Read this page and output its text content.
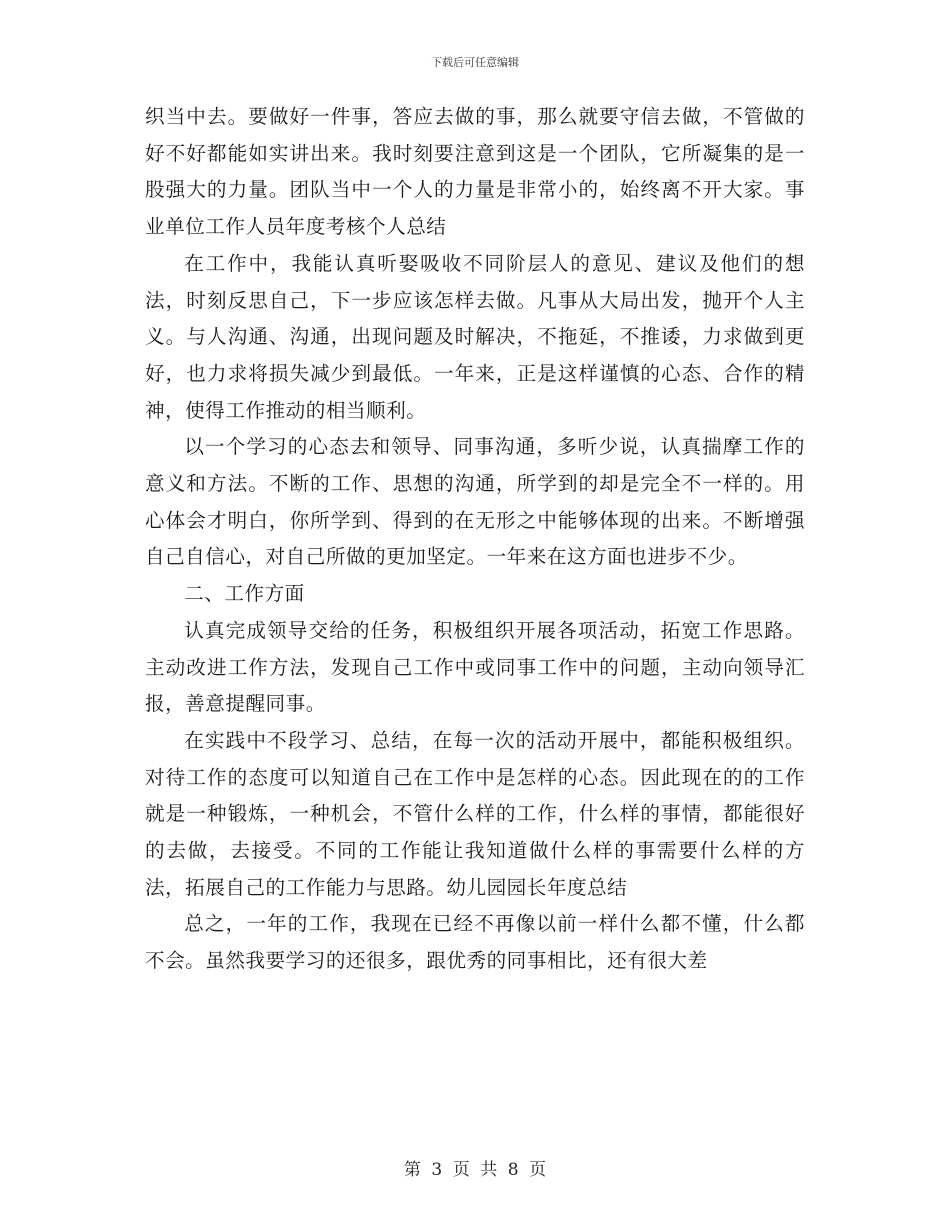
下载后可任意编辑

织当中去。要做好一件事，答应去做的事，那么就要守信去做，不管做的好不好都能如实讲出来。我时刻要注意到这是一个团队，它所凝集的是一股强大的力量。团队当中一个人的力量是非常小的，始终离不开大家。事业单位工作人员年度考核个人总结

在工作中，我能认真听娶吸收不同阶层人的意见、建议及他们的想法，时刻反思自己，下一步应该怎样去做。凡事从大局出发，抛开个人主义。与人沟通、沟通，出现问题及时解决，不拖延，不推诿，力求做到更好，也力求将损失减少到最低。一年来，正是这样谨慎的心态、合作的精神，使得工作推动的相当顺利。

以一个学习的心态去和领导、同事沟通，多听少说，认真揣摩工作的意义和方法。不断的工作、思想的沟通，所学到的却是完全不一样的。用心体会才明白，你所学到、得到的在无形之中能够体现的出来。不断增强自己自信心，对自己所做的更加坚定。一年来在这方面也进步不少。

二、工作方面

认真完成领导交给的任务，积极组织开展各项活动，拓宽工作思路。主动改进工作方法，发现自己工作中或同事工作中的问题，主动向领导汇报，善意提醒同事。

在实践中不段学习、总结，在每一次的活动开展中，都能积极组织。对待工作的态度可以知道自己在工作中是怎样的心态。因此现在的的工作就是一种锻炼，一种机会，不管什么样的工作，什么样的事情，都能很好的去做，去接受。不同的工作能让我知道做什么样的事需要什么样的方法，拓展自己的工作能力与思路。幼儿园园长年度总结

总之，一年的工作，我现在已经不再像以前一样什么都不懂，什么都不会。虽然我要学习的还很多，跟优秀的同事相比，还有很大差

第 3 页 共 8 页
